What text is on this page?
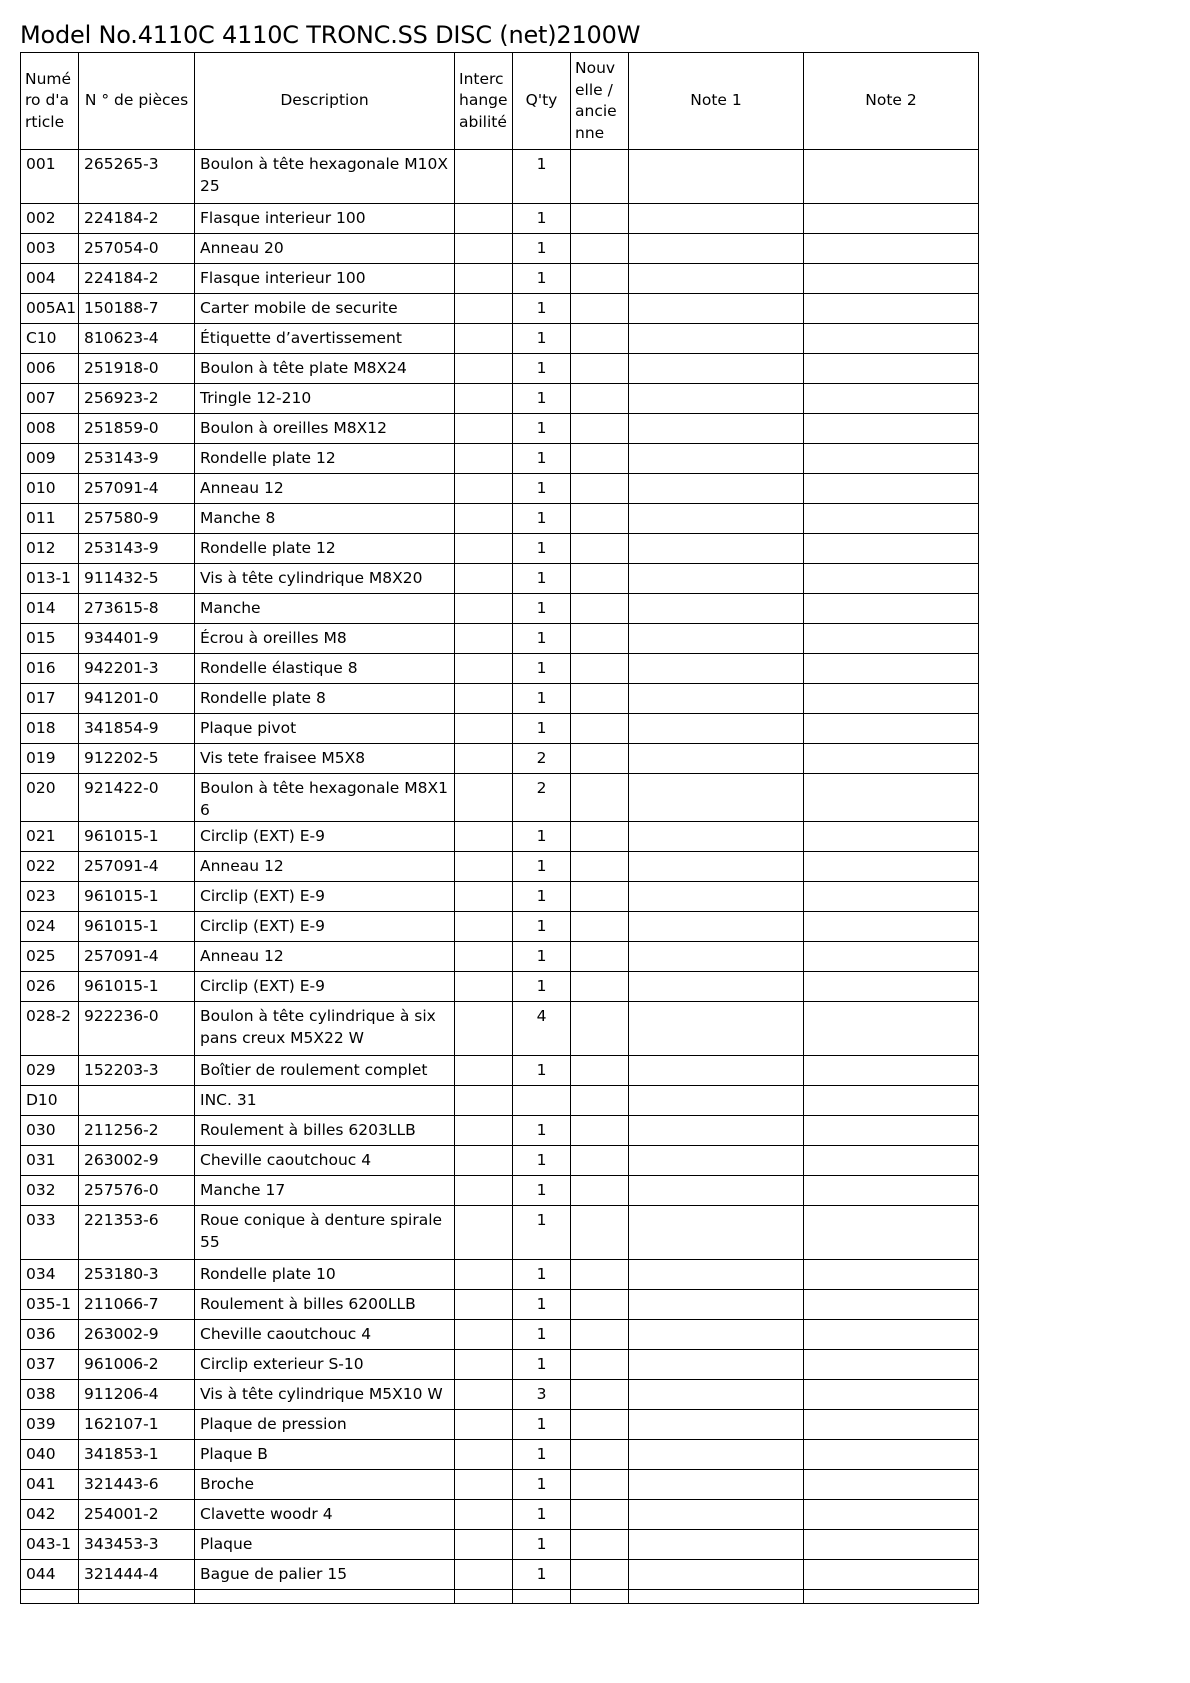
Model No.4110C 4110C TRONC.SS DISC (net)2100W
Numéro d'article	N ° de pièces	Description	Interchangeabilité	Q'ty	Nouvelle / ancienne	Note 1	Note 2

001	265265-3	Boulon à tête hexagonale M10X25		1			
002	224184-2	Flasque interieur 100		1			
003	257054-0	Anneau 20		1			
004	224184-2	Flasque interieur 100		1			
005A1	150188-7	Carter mobile de securite		1			
C10	810623-4	Étiquette d’avertissement		1			
006	251918-0	Boulon à tête plate M8X24		1			
007	256923-2	Tringle 12-210		1			
008	251859-0	Boulon à oreilles M8X12		1			
009	253143-9	Rondelle plate 12		1			
010	257091-4	Anneau 12		1			
011	257580-9	Manche 8		1			
012	253143-9	Rondelle plate 12		1			
013-1	911432-5	Vis à tête cylindrique M8X20		1			
014	273615-8	Manche		1			
015	934401-9	Écrou à oreilles M8		1			
016	942201-3	Rondelle élastique 8		1			
017	941201-0	Rondelle plate 8		1			
018	341854-9	Plaque pivot		1			
019	912202-5	Vis tete fraisee M5X8		2			
020	921422-0	Boulon à tête hexagonale M8X16		2			
021	961015-1	Circlip (EXT) E-9		1			
022	257091-4	Anneau 12		1			
023	961015-1	Circlip (EXT) E-9		1			
024	961015-1	Circlip (EXT) E-9		1			
025	257091-4	Anneau 12		1			
026	961015-1	Circlip (EXT) E-9		1			
028-2	922236-0	Boulon à tête cylindrique à six pans creux M5X22 W		4			
029	152203-3	Boîtier de roulement complet		1			
D10		INC. 31					
030	211256-2	Roulement à billes 6203LLB		1			
031	263002-9	Cheville caoutchouc 4		1			
032	257576-0	Manche 17		1			
033	221353-6	Roue conique à denture spirale 55		1			
034	253180-3	Rondelle plate 10		1			
035-1	211066-7	Roulement à billes 6200LLB		1			
036	263002-9	Cheville caoutchouc 4		1			
037	961006-2	Circlip exterieur S-10		1			
038	911206-4	Vis à tête cylindrique M5X10 W		3			
039	162107-1	Plaque de pression		1			
040	341853-1	Plaque B		1			
041	321443-6	Broche		1			
042	254001-2	Clavette woodr 4		1			
043-1	343453-3	Plaque		1			
044	321444-4	Bague de palier 15		1			
